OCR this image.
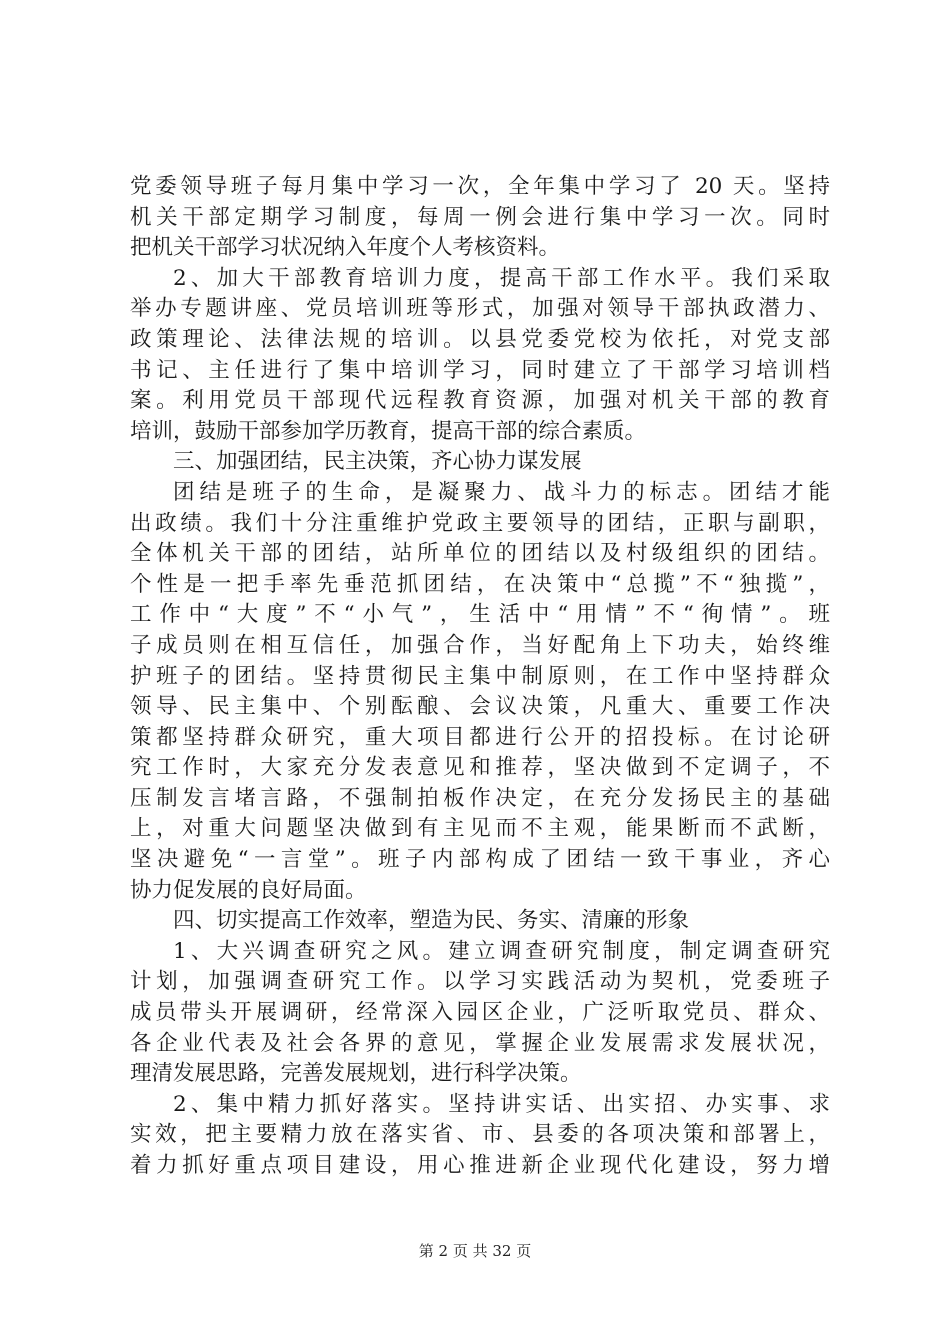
党委领导班子每月集中学习一次，全年集中学习了 20 天。坚持
机关干部定期学习制度，每周一例会进行集中学习一次。同时
把机关干部学习状况纳入年度个人考核资料。
2、加大干部教育培训力度，提高干部工作水平。我们采取
举办专题讲座、党员培训班等形式，加强对领导干部执政潜力、
政策理论、法律法规的培训。以县党委党校为依托，对党支部
书记、主任进行了集中培训学习，同时建立了干部学习培训档
案。利用党员干部现代远程教育资源，加强对机关干部的教育
培训，鼓励干部参加学历教育，提高干部的综合素质。
三、加强团结，民主决策，齐心协力谋发展
团结是班子的生命，是凝聚力、战斗力的标志。团结才能
出政绩。我们十分注重维护党政主要领导的团结，正职与副职，
全体机关干部的团结，站所单位的团结以及村级组织的团结。
个性是一把手率先垂范抓团结，在决策中“总揽”不“独揽”，
工作中“大度”不“小气”，生活中“用情”不“徇情”。班
子成员则在相互信任，加强合作，当好配角上下功夫，始终维
护班子的团结。坚持贯彻民主集中制原则，在工作中坚持群众
领导、民主集中、个别酝酿、会议决策，凡重大、重要工作决
策都坚持群众研究，重大项目都进行公开的招投标。在讨论研
究工作时，大家充分发表意见和推荐，坚决做到不定调子，不
压制发言堵言路，不强制拍板作决定，在充分发扬民主的基础
上，对重大问题坚决做到有主见而不主观，能果断而不武断，
坚决避免“一言堂”。班子内部构成了团结一致干事业，齐心
协力促发展的良好局面。
四、切实提高工作效率，塑造为民、务实、清廉的形象
1、大兴调查研究之风。建立调查研究制度，制定调查研究
计划，加强调查研究工作。以学习实践活动为契机，党委班子
成员带头开展调研，经常深入园区企业，广泛听取党员、群众、
各企业代表及社会各界的意见，掌握企业发展需求发展状况，
理清发展思路，完善发展规划，进行科学决策。
2、集中精力抓好落实。坚持讲实话、出实招、办实事、求
实效，把主要精力放在落实省、市、县委的各项决策和部署上，
着力抓好重点项目建设，用心推进新企业现代化建设，努力增
第 2 页 共 32 页
